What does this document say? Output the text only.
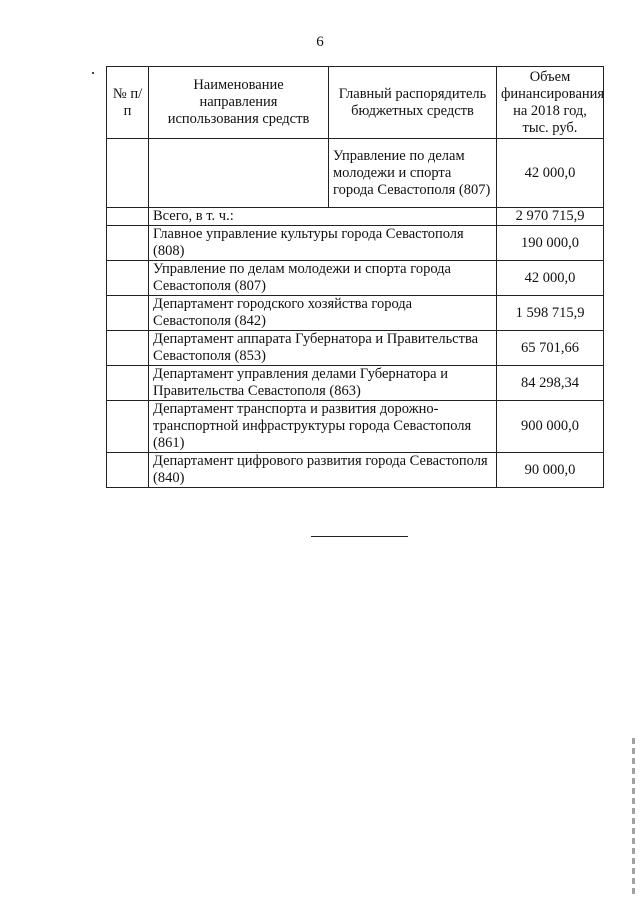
6
№ п/п	Наименование направления использования средств	Главный распорядитель бюджетных средств	Объем финансирования на 2018 год, тыс. руб.
		Управление по делам молодежи и спорта города Севастополя (807)	42 000,0
	Всего, в т. ч.:		2 970 715,9
	Главное управление культуры города Севастополя (808)		190 000,0
	Управление по делам молодежи и спорта города Севастополя (807)		42 000,0
	Департамент городского хозяйства города Севастополя (842)		1 598 715,9
	Департамент аппарата Губернатора и Правительства Севастополя (853)		65 701,66
	Департамент управления делами Губернатора и Правительства Севастополя (863)		84 298,34
	Департамент транспорта и развития дорожно-транспортной инфраструктуры города Севастополя (861)		900 000,0
	Департамент цифрового развития города Севастополя (840)		90 000,0
